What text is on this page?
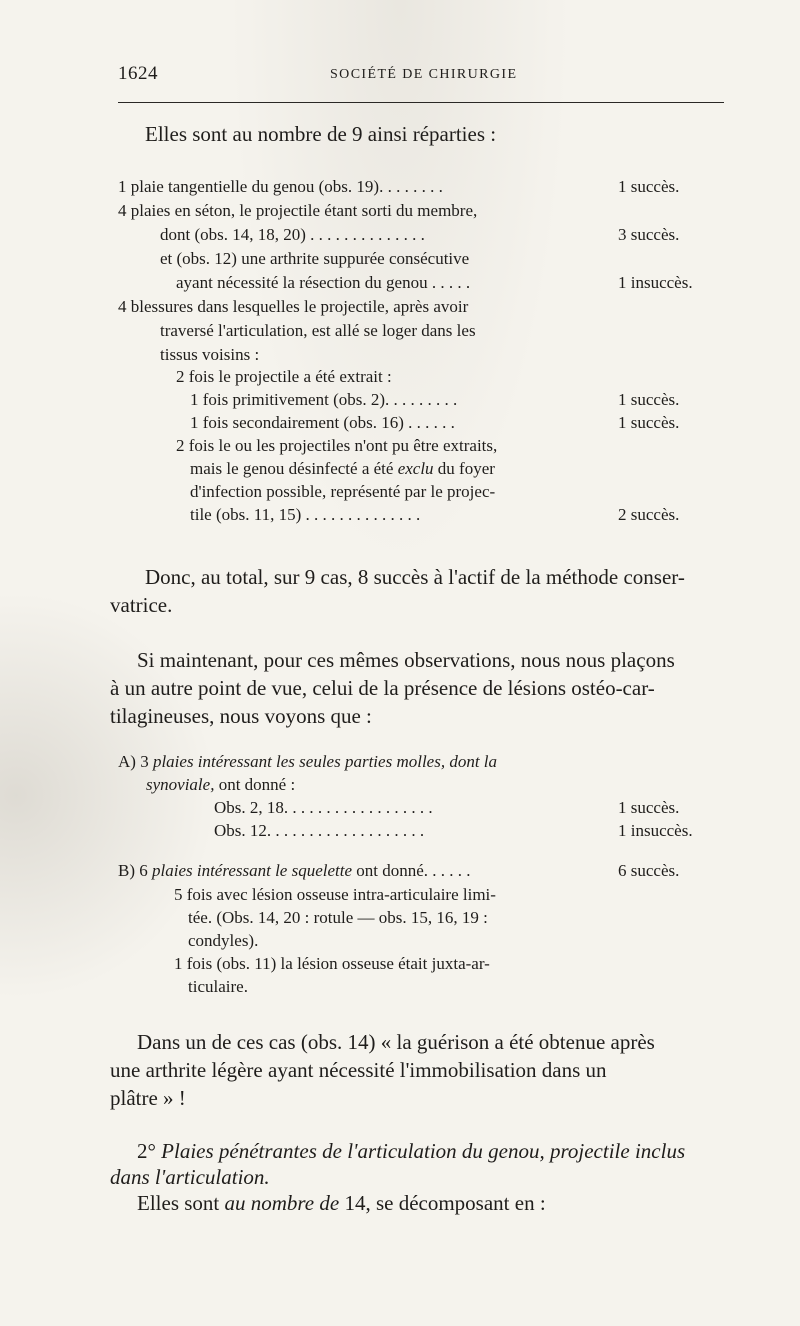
1624	SOCIÉTÉ DE CHIRURGIE
Elles sont au nombre de 9 ainsi réparties :
1 plaie tangentielle du genou (obs. 19). . . . . . . .	1 succès.
4 plaies en séton, le projectile étant sorti du membre,
dont (obs. 14, 18, 20) . . . . . . . . . . . . . .	3 succès.
et (obs. 12) une arthrite suppurée consécutive
ayant nécessité la résection du genou . . . . .	1 insuccès.
4 blessures dans lesquelles le projectile, après avoir
traversé l'articulation, est allé se loger dans les
tissus voisins :
2 fois le projectile a été extrait :
1 fois primitivement (obs. 2). . . . . . . . .	1 succès.
1 fois secondairement (obs. 16) . . . . . .	1 succès.
2 fois le ou les projectiles n'ont pu être extraits,
mais le genou désinfecté a été exclu du foyer
d'infection possible, représenté par le projec-
tile (obs. 11, 15) . . . . . . . . . . . . . .	2 succès.
Donc, au total, sur 9 cas, 8 succès à l'actif de la méthode conser-
vatrice.
Si maintenant, pour ces mêmes observations, nous nous plaçons
à un autre point de vue, celui de la présence de lésions ostéo-car-
tilagineuses, nous voyons que :
A) 3 plaies intéressant les seules parties molles, dont la
synoviale, ont donné :
Obs. 2, 18. . . . . . . . . . . . . . . . . .	1 succès.
Obs. 12. . . . . . . . . . . . . . . . . . .	1 insuccès.
B) 6 plaies intéressant le squelette ont donné. . . . . .	6 succès.
5 fois avec lésion osseuse intra-articulaire limi-
tée. (Obs. 14, 20 : rotule — obs. 15, 16, 19 :
condyles).
1 fois (obs. 11) la lésion osseuse était juxta-ar-
ticulaire.
Dans un de ces cas (obs. 14) « la guérison a été obtenue après
une arthrite légère ayant nécessité l'immobilisation dans un
plâtre » !
2° Plaies pénétrantes de l'articulation du genou, projectile inclus
dans l'articulation.
Elles sont au nombre de 14, se décomposant en :
